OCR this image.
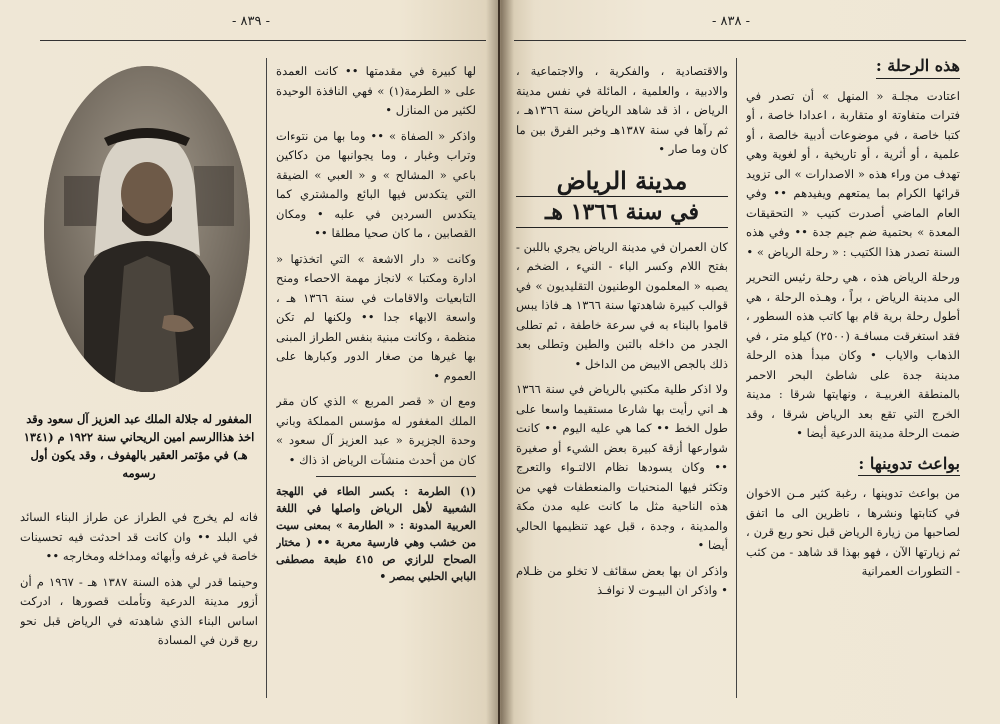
- ٨٣٩ -
المغفور له جلالة الملك عبد العزيز آل سعود وقد اخذ هذاالرسم امين الريحاني سنة ١٩٢٢ م (١٣٤١ هـ) في مؤتمر العقير بالهفوف ، وقد يكون أول رسومه

فانه لم يخرج في الطراز عن طراز البناء السائد في البلد •• وان كانت قد احدثت فيه تحسينات خاصة في غرفه وأبهائه ومداخله ومخارجه ••

وحينما قدر لي هذه السنة ١٣٨٧ هـ - ١٩٦٧ م أن أزور مدينة الدرعية وتأملت قصورها ، ادركت اساس البناء الذي شاهدته في الرياض قبل نحو ربع قرن في المسادة

لها كبيرة في مقدمتها •• كانت العمدة على « الطرمة(١) » فهي النافذة الوحيدة لكثير من المنازل •

واذكر « الصفاة » •• وما بها من نتوءات وتراب وغبار ، وما يجوانبها من دكاكين باعي « المشالح » و « العبي » الضيقة التي يتكدس فيها البائع والمشتري كما يتكدس السردين في علبه • ومكان القصابين ، ما كان صحيا مطلقا ••

وكانت « دار الاشعة » التي اتخذتها « ادارة ومكتبا » لانجاز مهمة الاحصاء ومنح التابعيات والاقامات في سنة ١٣٦٦ هـ ، واسعة الابهاء جدا •• ولكنها لم تكن منظمة ، وكانت مبنية بنفس الطراز المبنى بها غيرها من صغار الدور وكبارها على العموم •

ومع ان « قصر المربع » الذي كان مقر الملك المغفور له مؤسس المملكة وباني وحدة الجزيرة « عبد العزيز آل سعود » كان من أحدث منشآت الرياض اذ ذاك •

(١) الطرمة : بكسر الطاء في اللهجة الشعبية لأهل الرياض واصلها في اللغة العربية المدونة : « الطارمة » بمعنى سيت من خشب وهي فارسية معربة •• ( مختار الصحاح للرازي ص ٤١٥ طبعة مصطفى البابي الحلبي بمصر •

- ٨٣٨ -

والاقتصادية ، والفكرية ، والاجتماعية ، والادبية ، والعلمية ، المائلة في نفس مدينة الرياض ، اذ قد شاهد الرياض سنة ١٣٦٦هـ ، ثم رآها في سنة ١٣٨٧هـ وخبر الفرق بين ما كان وما صار •

مدينة الرياض
في سنة ١٣٦٦ هـ

كان العمران في مدينة الرياض يجري باللبن - بفتح اللام وكسر الباء - النيء ، الضخم ، يصبه « المعلمون الوطنيون التقليديون » في قوالب كبيرة شاهدتها سنة ١٣٦٦ هـ فاذا يبس قاموا بالبناء به في سرعة خاطفة ، ثم تطلى الجدر من داخله بالتبن والطين وتطلى بعد ذلك بالجص الابيض من الداخل •

ولا اذكر طلية مكتبي بالرياض في سنة ١٣٦٦ هـ اني رأيت بها شارعا مستقيما واسعا على طول الخط •• كما هي عليه اليوم •• كانت شوارعها أزقة كبيرة بعض الشيء أو صغيرة •• وكان يسودها نظام الالتـواء والتعرج وتكثر فيها المنحنيات والمنعطفات فهي من هذه الناحية مثل ما كانت عليه مدن مكة والمدينة ، وجدة ، قبل عهد تنظيمها الحالي أيضا •

واذكر ان بها بعض سقائف لا تخلو من ظـلام • واذكر ان البيـوت لا نوافـذ

هذه الرحلة :

اعتادت مجلـة « المنهل » أن تصدر في فترات متفاوتة او متقاربة ، اعدادا خاصة ، أو كتبا خاصة ، في موضوعات أدبية خالصة ، أو علمية ، أو أثرية ، أو تاريخية ، أو لغوية وهي تهدف من وراء هذه « الاصدارات » الى تزويد قرائها الكرام بما يمتعهم ويفيدهم •• وفي العام الماضي أصدرت كتيب « التحقيقات المعدة » بحتمية ضم جيم جدة •• وفي هذه السنة تصدر هذا الكتيب : « رحلة الرياض » •

ورحلة الرياض هذه ، هي رحلة رئيس التحرير الى مدينة الرياض ، براً ، وهـذه الرحلة ، هي أطول رحلة برية قام بها كاتب هذه السطور ، فقد استغرقت مسافـة (٢٥٠٠) كيلو متر ، في الذهاب والاياب • وكان مبدأ هذه الرحلة مدينة جدة على شاطئ البحر الاحمر بالمنطقة الغربيـة ، ونهايتها شرقا : مدينة الخرج التي تقع بعد الرياض شرقا ، وقد ضمت الرحلة مدينة الدرعية أيضا •

بواعث تدوينها :

من بواعث تدوينها ، رغبة كثير مـن الاخوان في كتابتها ونشرها ، ناظرين الى ما اتفق لصاحبها من زيارة الرياض قبل نحو ربع قرن ، ثم زيارتها الآن ، فهو بهذا قد شاهد - من كثب - التطورات العمرانية
